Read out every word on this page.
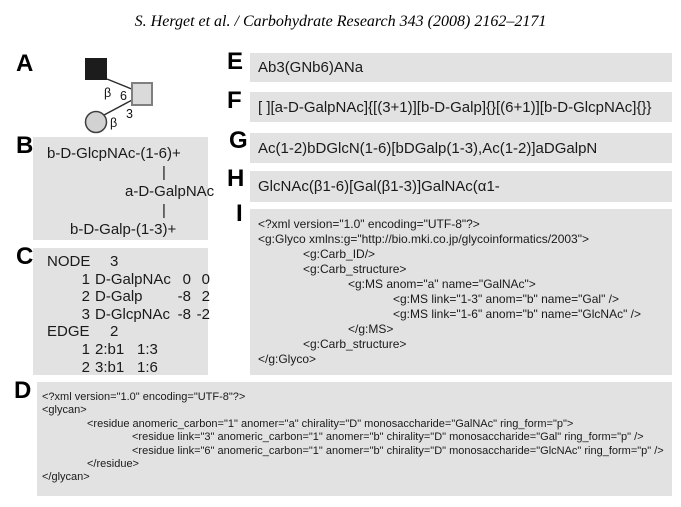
S. Herget et al. / Carbohydrate Research 343 (2008) 2162–2171
A
β 6
β
3
B b-D-GlcpNAc-(1-6)+
|
a-D-GalpNAc
|
b-D-Galp-(1-3)+
C NODE 3
1 D-GalpNAc 0 0
2 D-Galp	-8 2
3 D-GlcpNAc -8 -2
EDGE 2
1 2:b1 1:3
2 3:b1 1:6
D <?xml version="1.0" encoding="UTF-8"?>
<glycan>
<residue anomeric_carbon="1" anomer="a" chirality="D" monosaccharide="GalNAc" ring_form="p">
<residue link="3" anomeric_carbon="1" anomer="b" chirality="D" monosaccharide="Gal" ring_form="p" />
<residue link="6" anomeric_carbon="1" anomer="b" chirality="D" monosaccharide="GlcNAc" ring_form="p" />
</residue>
</glycan>
E Ab3(GNb6)ANa
F	[ ][a-D-GalpNAc]{[(3+1)][b-D-Galp]{}[(6+1)][b-D-GlcpNAc]{}}
G Ac(1-2)bDGlcN(1-6)[bDGalp(1-3),Ac(1-2)]aDGalpN
H GlcNAc(β1-6)[Gal(β1-3)]GalNAc(α1-
I <?xml version="1.0" encoding="UTF-8"?>
<g:Glyco xmlns:g="http://bio.mki.co.jp/glycoinformatics/2003">
<g:Carb_ID/>
<g:Carb_structure>
<g:MS anom="a" name="GalNAc">
<g:MS link="1-3" anom="b" name="Gal" />
<g:MS link="1-6" anom="b" name="GlcNAc" />
</g:MS>
<g:Carb_structure>
</g:Glyco>
